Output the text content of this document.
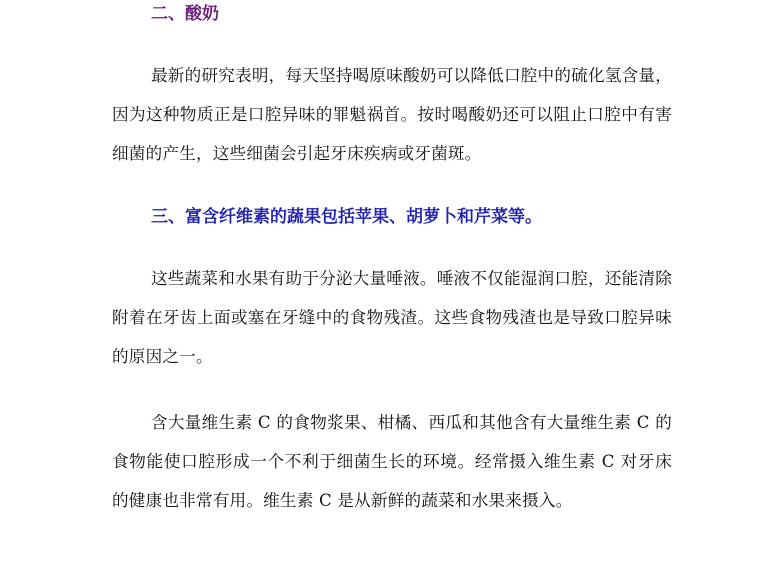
二、酸奶

最新的研究表明，每天坚持喝原味酸奶可以降低口腔中的硫化氢含量，因为这种物质正是口腔异味的罪魁祸首。按时喝酸奶还可以阻止口腔中有害细菌的产生，这些细菌会引起牙床疾病或牙菌斑。

三、富含纤维素的蔬果包括苹果、胡萝卜和芹菜等。

这些蔬菜和水果有助于分泌大量唾液。唾液不仅能湿润口腔，还能清除附着在牙齿上面或塞在牙缝中的食物残渣。这些食物残渣也是导致口腔异味的原因之一。

含大量维生素 C 的食物浆果、柑橘、西瓜和其他含有大量维生素 C 的食物能使口腔形成一个不利于细菌生长的环境。经常摄入维生素 C 对牙床的健康也非常有用。维生素 C 是从新鲜的蔬菜和水果来摄入。
